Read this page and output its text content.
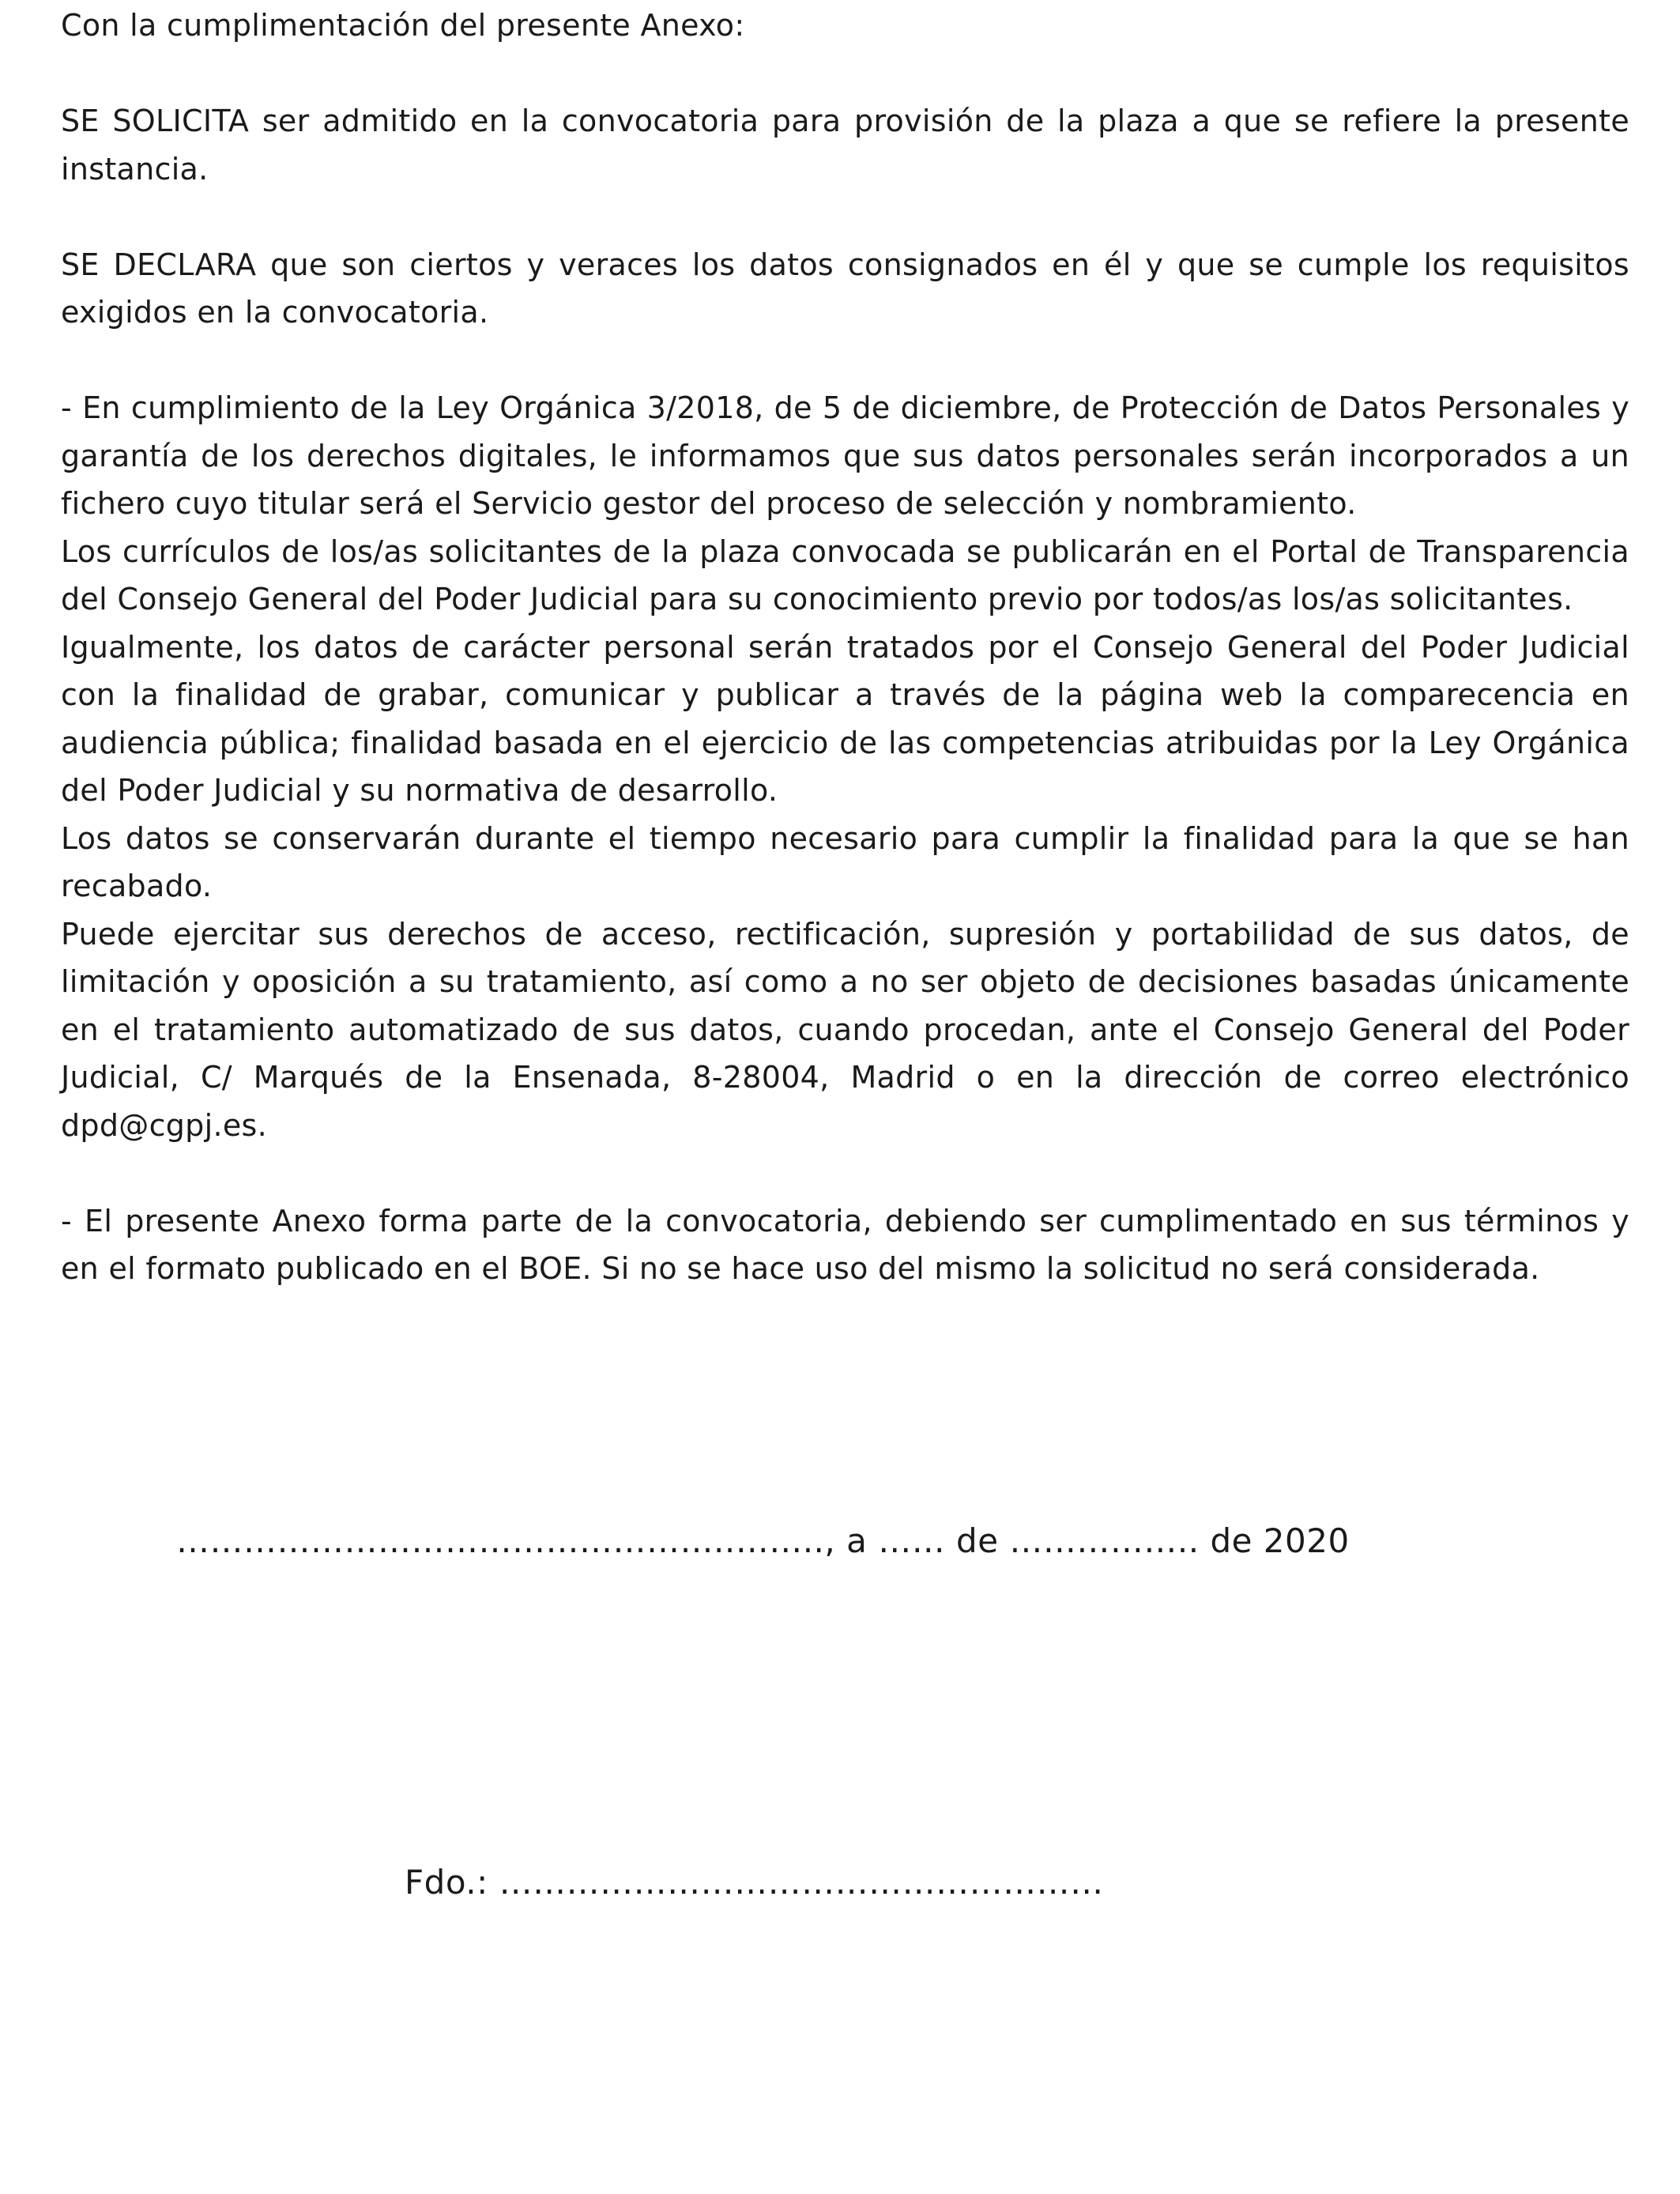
Con la cumplimentación del presente Anexo:

SE SOLICITA ser admitido en la convocatoria para provisión de la plaza a que se refiere la presente instancia.

SE DECLARA que son ciertos y veraces los datos consignados en él y que se cumple los requisitos exigidos en la convocatoria.

- En cumplimiento de la Ley Orgánica 3/2018, de 5 de diciembre, de Protección de Datos Personales y garantía de los derechos digitales, le informamos que sus datos personales serán incorporados a un fichero cuyo titular será el Servicio gestor del proceso de selección y nombramiento.

Los currículos de los/as solicitantes de la plaza convocada se publicarán en el Portal de Transparencia del Consejo General del Poder Judicial para su conocimiento previo por todos/as los/as solicitantes.

Igualmente, los datos de carácter personal serán tratados por el Consejo General del Poder Judicial con la finalidad de grabar, comunicar y publicar a través de la página web la comparecencia en audiencia pública; finalidad basada en el ejercicio de las competencias atribuidas por la Ley Orgánica del Poder Judicial y su normativa de desarrollo.

Los datos se conservarán durante el tiempo necesario para cumplir la finalidad para la que se han recabado.

Puede ejercitar sus derechos de acceso, rectificación, supresión y portabilidad de sus datos, de limitación y oposición a su tratamiento, así como a no ser objeto de decisiones basadas únicamente en el tratamiento automatizado de sus datos, cuando procedan, ante el Consejo General del Poder Judicial, C/ Marqués de la Ensenada, 8-28004, Madrid o en la dirección de correo electrónico dpd@cgpj.es.

- El presente Anexo forma parte de la convocatoria, debiendo ser cumplimentado en sus términos y en el formato publicado en el BOE. Si no se hace uso del mismo la solicitud no será considerada.

…………………………………………..…….., a …… de …………….. de 2020
Fdo.: ………………………………………………
